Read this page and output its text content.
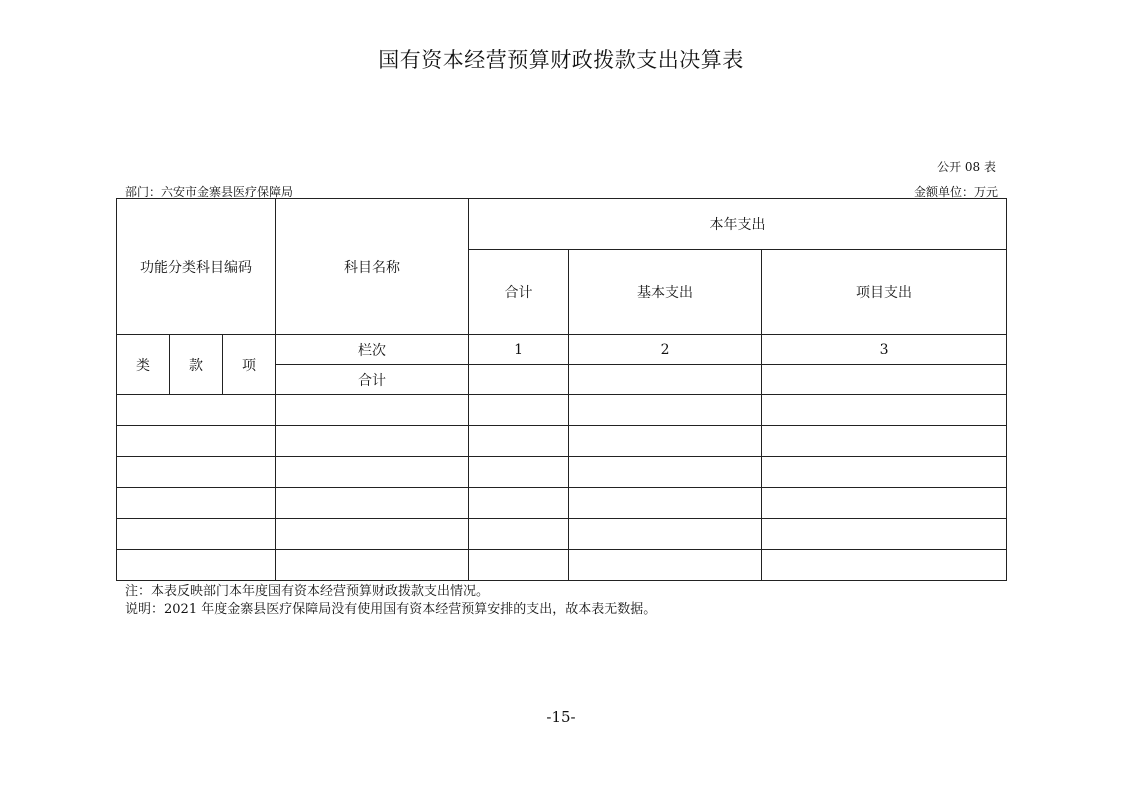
国有资本经营预算财政拨款支出决算表
公开 08 表
部门：六安市金寨县医疗保障局	金额单位：万元
功能分类科目编码			科目名称	本年支出		
				合计	基本支出	项目支出
类	款	项	栏次	1	2	3
			合计			

注：本表反映部门本年度国有资本经营预算财政拨款支出情况。
说明：2021 年度金寨县医疗保障局没有使用国有资本经营预算安排的支出，故本表无数据。
-15-
